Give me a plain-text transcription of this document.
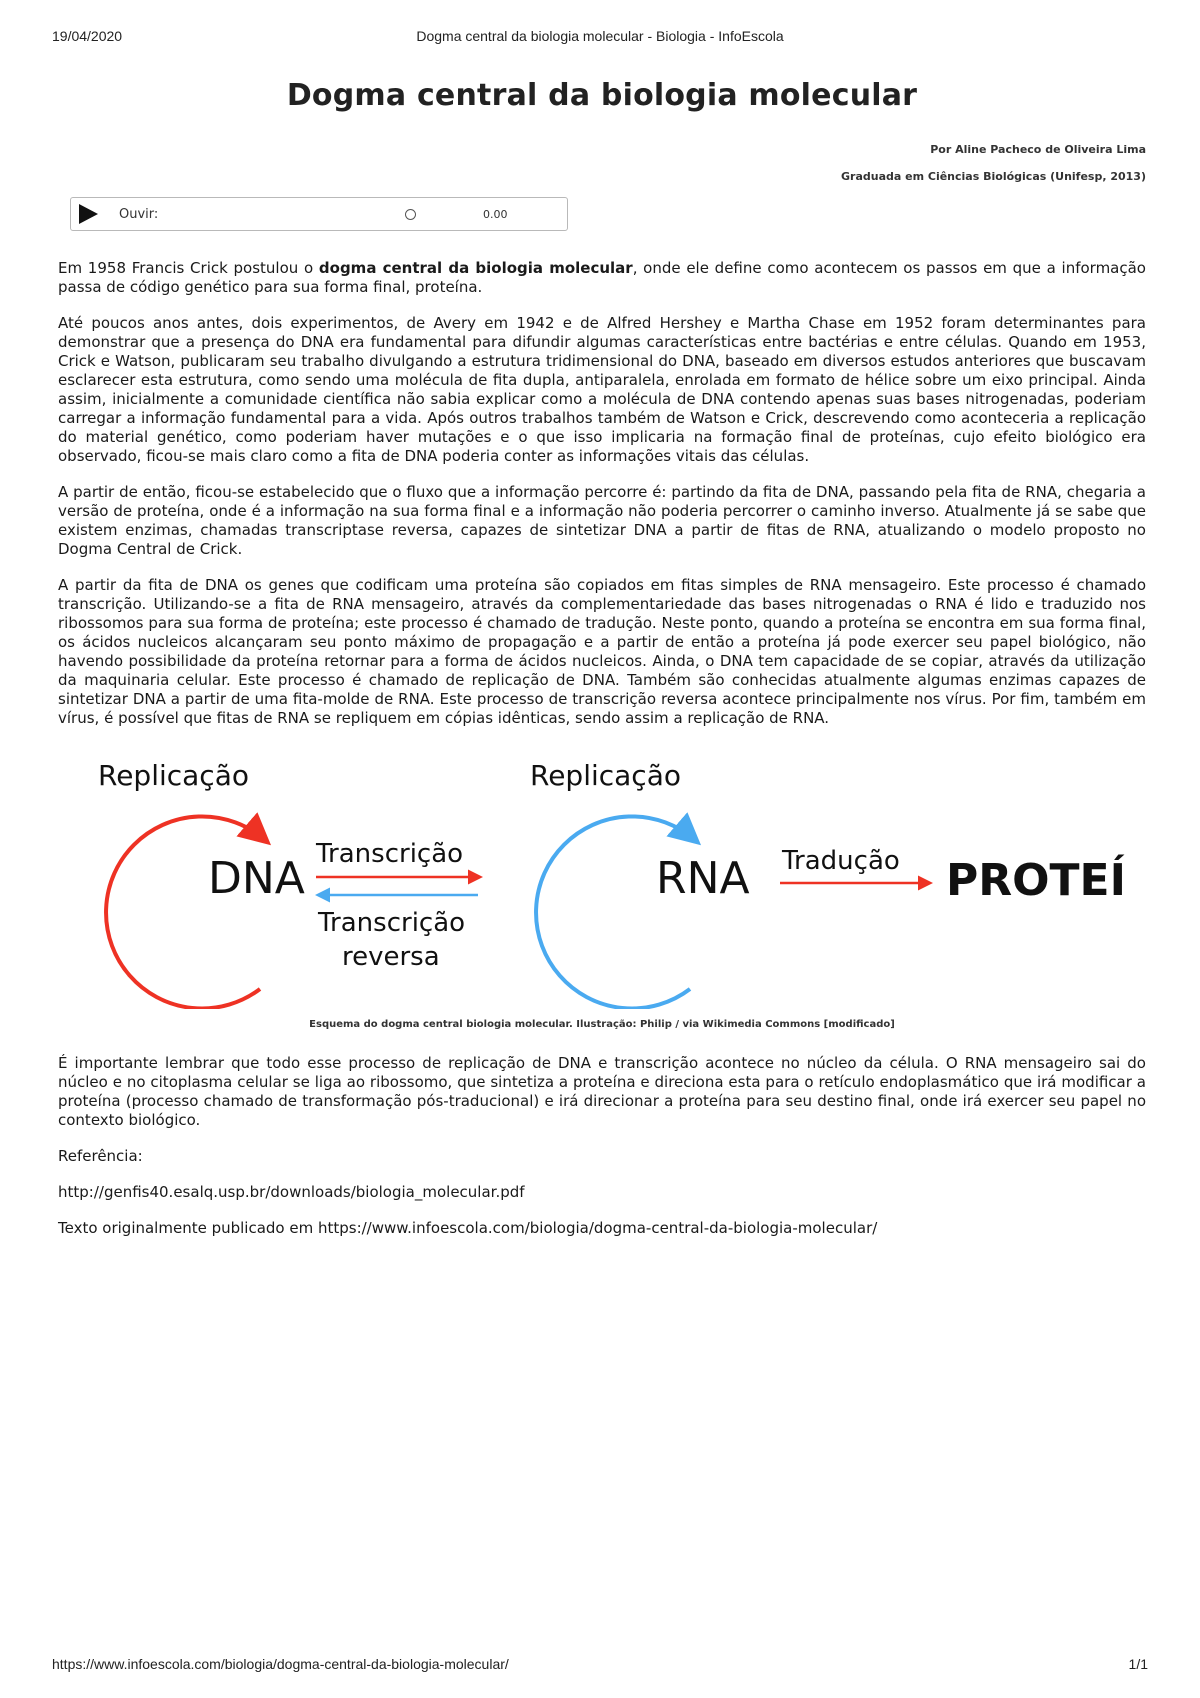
19/04/2020	Dogma central da biologia molecular - Biologia - InfoEscola
Dogma central da biologia molecular
Por Aline Pacheco de Oliveira Lima
Graduada em Ciências Biológicas (Unifesp, 2013)
Ouvir:	0.00

Em 1958 Francis Crick postulou o dogma central da biologia molecular, onde ele define como acontecem os passos em que a informação passa de código genético para sua forma final, proteína.

Até poucos anos antes, dois experimentos, de Avery em 1942 e de Alfred Hershey e Martha Chase em 1952 foram determinantes para demonstrar que a presença do DNA era fundamental para difundir algumas características entre bactérias e entre células. Quando em 1953, Crick e Watson, publicaram seu trabalho divulgando a estrutura tridimensional do DNA, baseado em diversos estudos anteriores que buscavam esclarecer esta estrutura, como sendo uma molécula de fita dupla, antiparalela, enrolada em formato de hélice sobre um eixo principal. Ainda assim, inicialmente a comunidade científica não sabia explicar como a molécula de DNA contendo apenas suas bases nitrogenadas, poderiam carregar a informação fundamental para a vida. Após outros trabalhos também de Watson e Crick, descrevendo como aconteceria a replicação do material genético, como poderiam haver mutações e o que isso implicaria na formação final de proteínas, cujo efeito biológico era observado, ficou-se mais claro como a fita de DNA poderia conter as informações vitais das células.

A partir de então, ficou-se estabelecido que o fluxo que a informação percorre é: partindo da fita de DNA, passando pela fita de RNA, chegaria a versão de proteína, onde é a informação na sua forma final e a informação não poderia percorrer o caminho inverso. Atualmente já se sabe que existem enzimas, chamadas transcriptase reversa, capazes de sintetizar DNA a partir de fitas de RNA, atualizando o modelo proposto no Dogma Central de Crick.

A partir da fita de DNA os genes que codificam uma proteína são copiados em fitas simples de RNA mensageiro. Este processo é chamado transcrição. Utilizando-se a fita de RNA mensageiro, através da complementariedade das bases nitrogenadas o RNA é lido e traduzido nos ribossomos para sua forma de proteína; este processo é chamado de tradução. Neste ponto, quando a proteína se encontra em sua forma final, os ácidos nucleicos alcançaram seu ponto máximo de propagação e a partir de então a proteína já pode exercer seu papel biológico, não havendo possibilidade da proteína retornar para a forma de ácidos nucleicos. Ainda, o DNA tem capacidade de se copiar, através da utilização da maquinaria celular. Este processo é chamado de replicação de DNA. Também são conhecidas atualmente algumas enzimas capazes de sintetizar DNA a partir de uma fita-molde de RNA. Este processo de transcrição reversa acontece principalmente nos vírus. Por fim, também em vírus, é possível que fitas de RNA se repliquem em cópias idênticas, sendo assim a replicação de RNA.

Replicação
DNA Transcrição
Transcrição
reversa
Replicação
RNA Tradução PROTEÍ
Esquema do dogma central biologia molecular. Ilustração: Philip / via Wikimedia Commons [modificado]

É importante lembrar que todo esse processo de replicação de DNA e transcrição acontece no núcleo da célula. O RNA mensageiro sai do núcleo e no citoplasma celular se liga ao ribossomo, que sintetiza a proteína e direciona esta para o retículo endoplasmático que irá modificar a proteína (processo chamado de transformação pós-traducional) e irá direcionar a proteína para seu destino final, onde irá exercer seu papel no contexto biológico.

Referência:

http://genfis40.esalq.usp.br/downloads/biologia_molecular.pdf

Texto originalmente publicado em https://www.infoescola.com/biologia/dogma-central-da-biologia-molecular/

https://www.infoescola.com/biologia/dogma-central-da-biologia-molecular/	1/1
